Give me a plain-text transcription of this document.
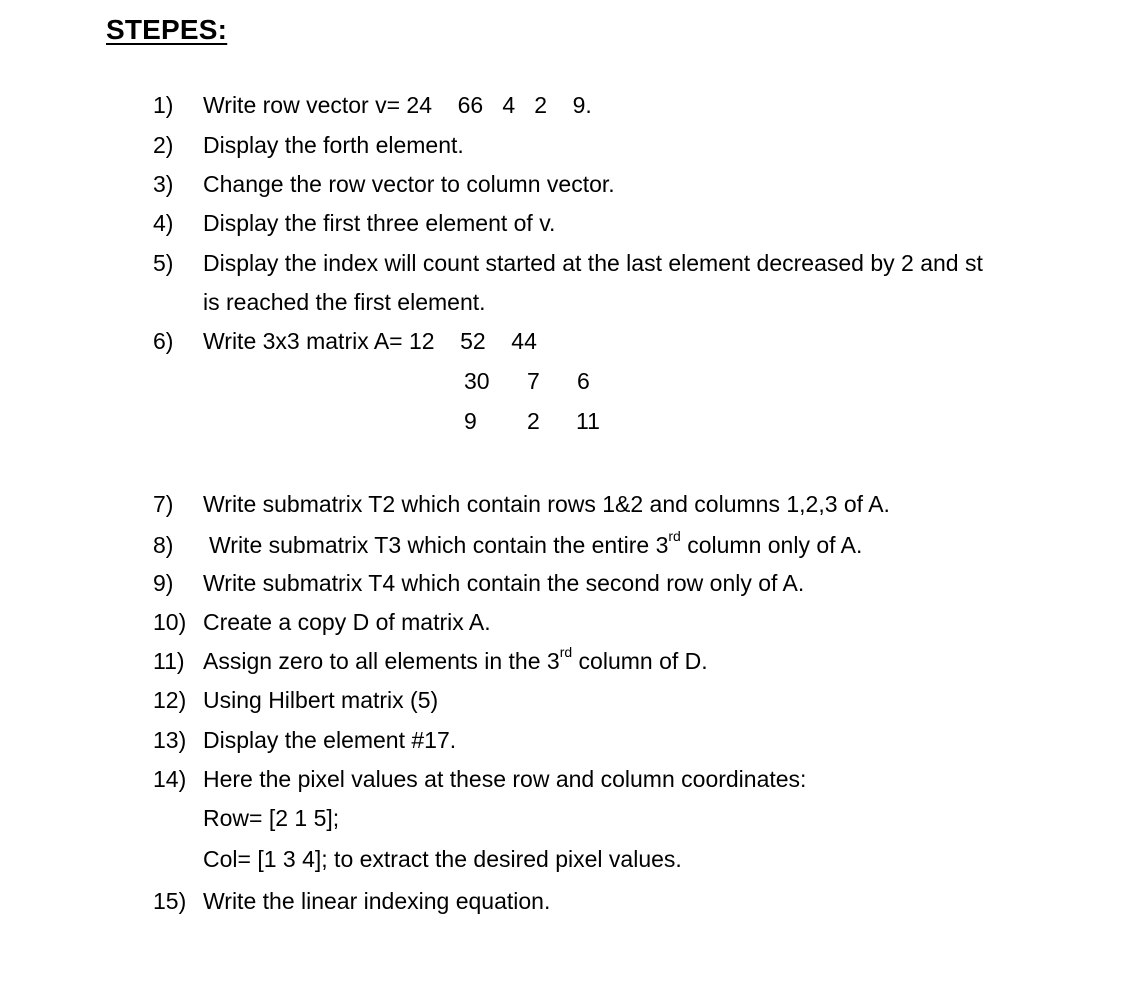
STEPES:
1) Write row vector v= 24    66   4   2    9.
2) Display the forth element.
3) Change the row vector to column vector.
4) Display the first three element of v.
5) Display the index will count started at the last element decreased by 2 and st
is reached the first element.
6) Write 3x3 matrix A= 12    52    44
30 7 6
9 2 11
7) Write submatrix T2 which contain rows 1&2 and columns 1,2,3 of A.
8) Write submatrix T3 which contain the entire 3rd column only of A.
9) Write submatrix T4 which contain the second row only of A.
10) Create a copy D of matrix A.
11) Assign zero to all elements in the 3rd column of D.
12) Using Hilbert matrix (5)
13) Display the element #17.
14) Here the pixel values at these row and column coordinates:
Row= [2 1 5];
Col= [1 3 4]; to extract the desired pixel values.
15) Write the linear indexing equation.
